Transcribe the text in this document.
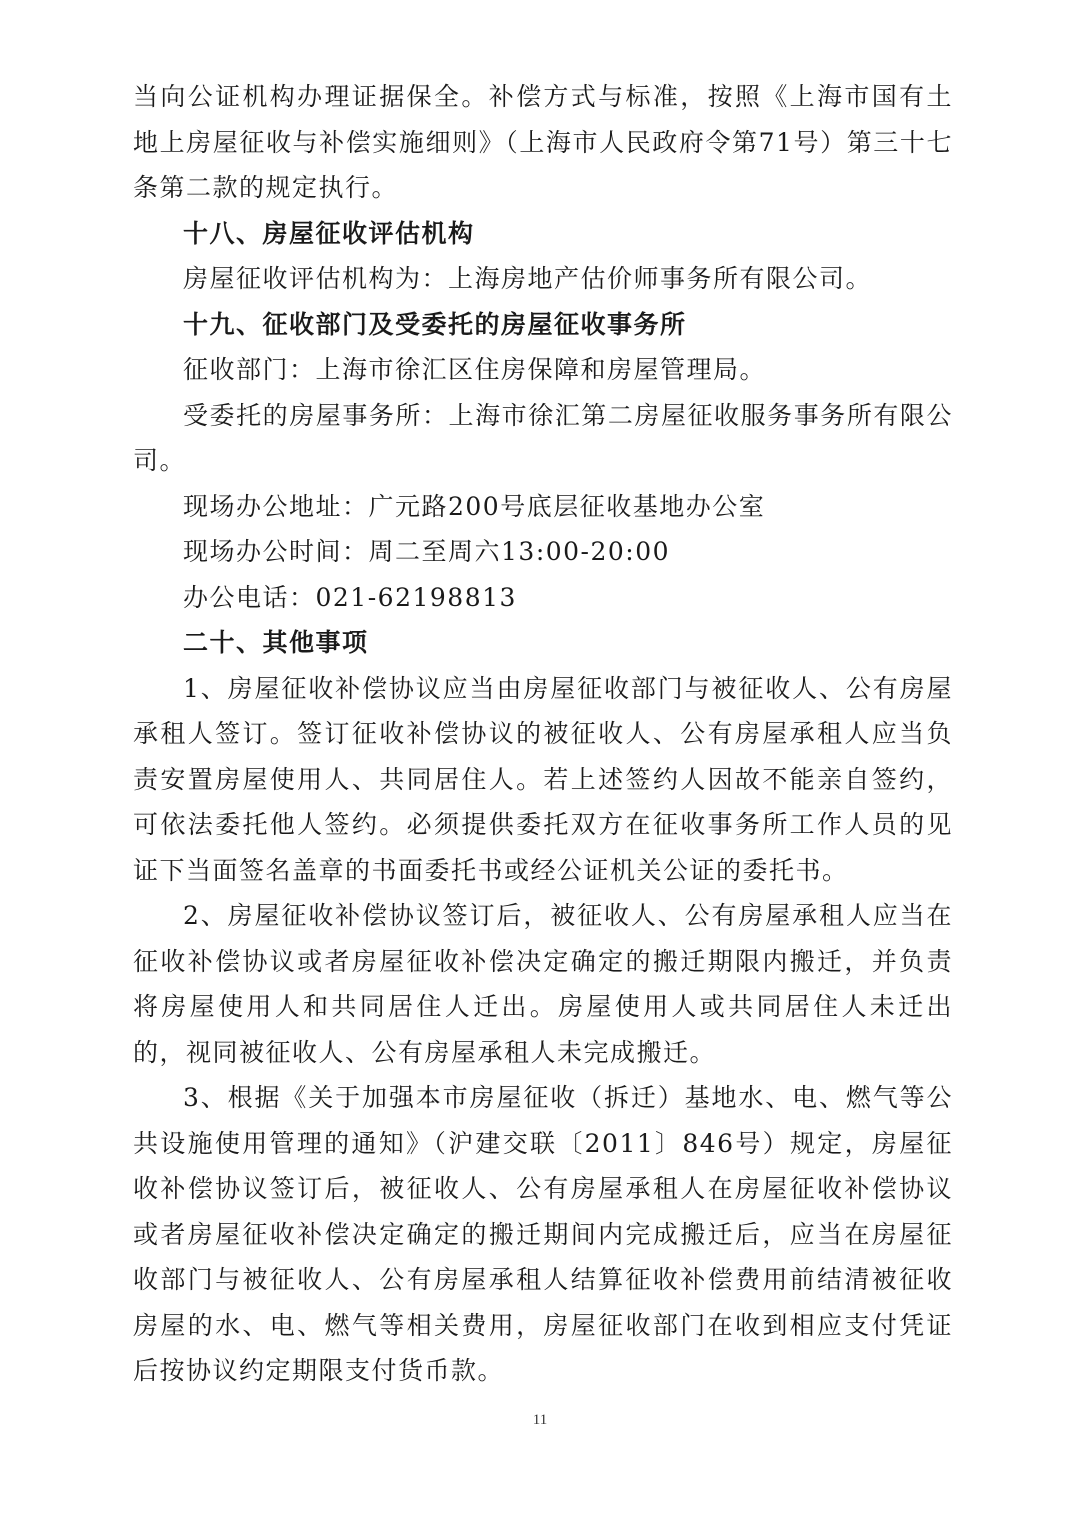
当向公证机构办理证据保全。补偿方式与标准，按照《上海市国有土地上房屋征收与补偿实施细则》（上海市人民政府令第71号）第三十七条第二款的规定执行。

十八、房屋征收评估机构

房屋征收评估机构为：上海房地产估价师事务所有限公司。

十九、征收部门及受委托的房屋征收事务所

征收部门：上海市徐汇区住房保障和房屋管理局。

受委托的房屋事务所：上海市徐汇第二房屋征收服务事务所有限公司。

现场办公地址：广元路200号底层征收基地办公室

现场办公时间：周二至周六13:00-20:00

办公电话：021-62198813

二十、其他事项

1、房屋征收补偿协议应当由房屋征收部门与被征收人、公有房屋承租人签订。签订征收补偿协议的被征收人、公有房屋承租人应当负责安置房屋使用人、共同居住人。若上述签约人因故不能亲自签约，可依法委托他人签约。必须提供委托双方在征收事务所工作人员的见证下当面签名盖章的书面委托书或经公证机关公证的委托书。

2、房屋征收补偿协议签订后，被征收人、公有房屋承租人应当在征收补偿协议或者房屋征收补偿决定确定的搬迁期限内搬迁，并负责将房屋使用人和共同居住人迁出。房屋使用人或共同居住人未迁出的，视同被征收人、公有房屋承租人未完成搬迁。

3、根据《关于加强本市房屋征收（拆迁）基地水、电、燃气等公共设施使用管理的通知》（沪建交联〔2011〕846号）规定，房屋征收补偿协议签订后，被征收人、公有房屋承租人在房屋征收补偿协议或者房屋征收补偿决定确定的搬迁期间内完成搬迁后，应当在房屋征收部门与被征收人、公有房屋承租人结算征收补偿费用前结清被征收房屋的水、电、燃气等相关费用，房屋征收部门在收到相应支付凭证后按协议约定期限支付货币款。

11
